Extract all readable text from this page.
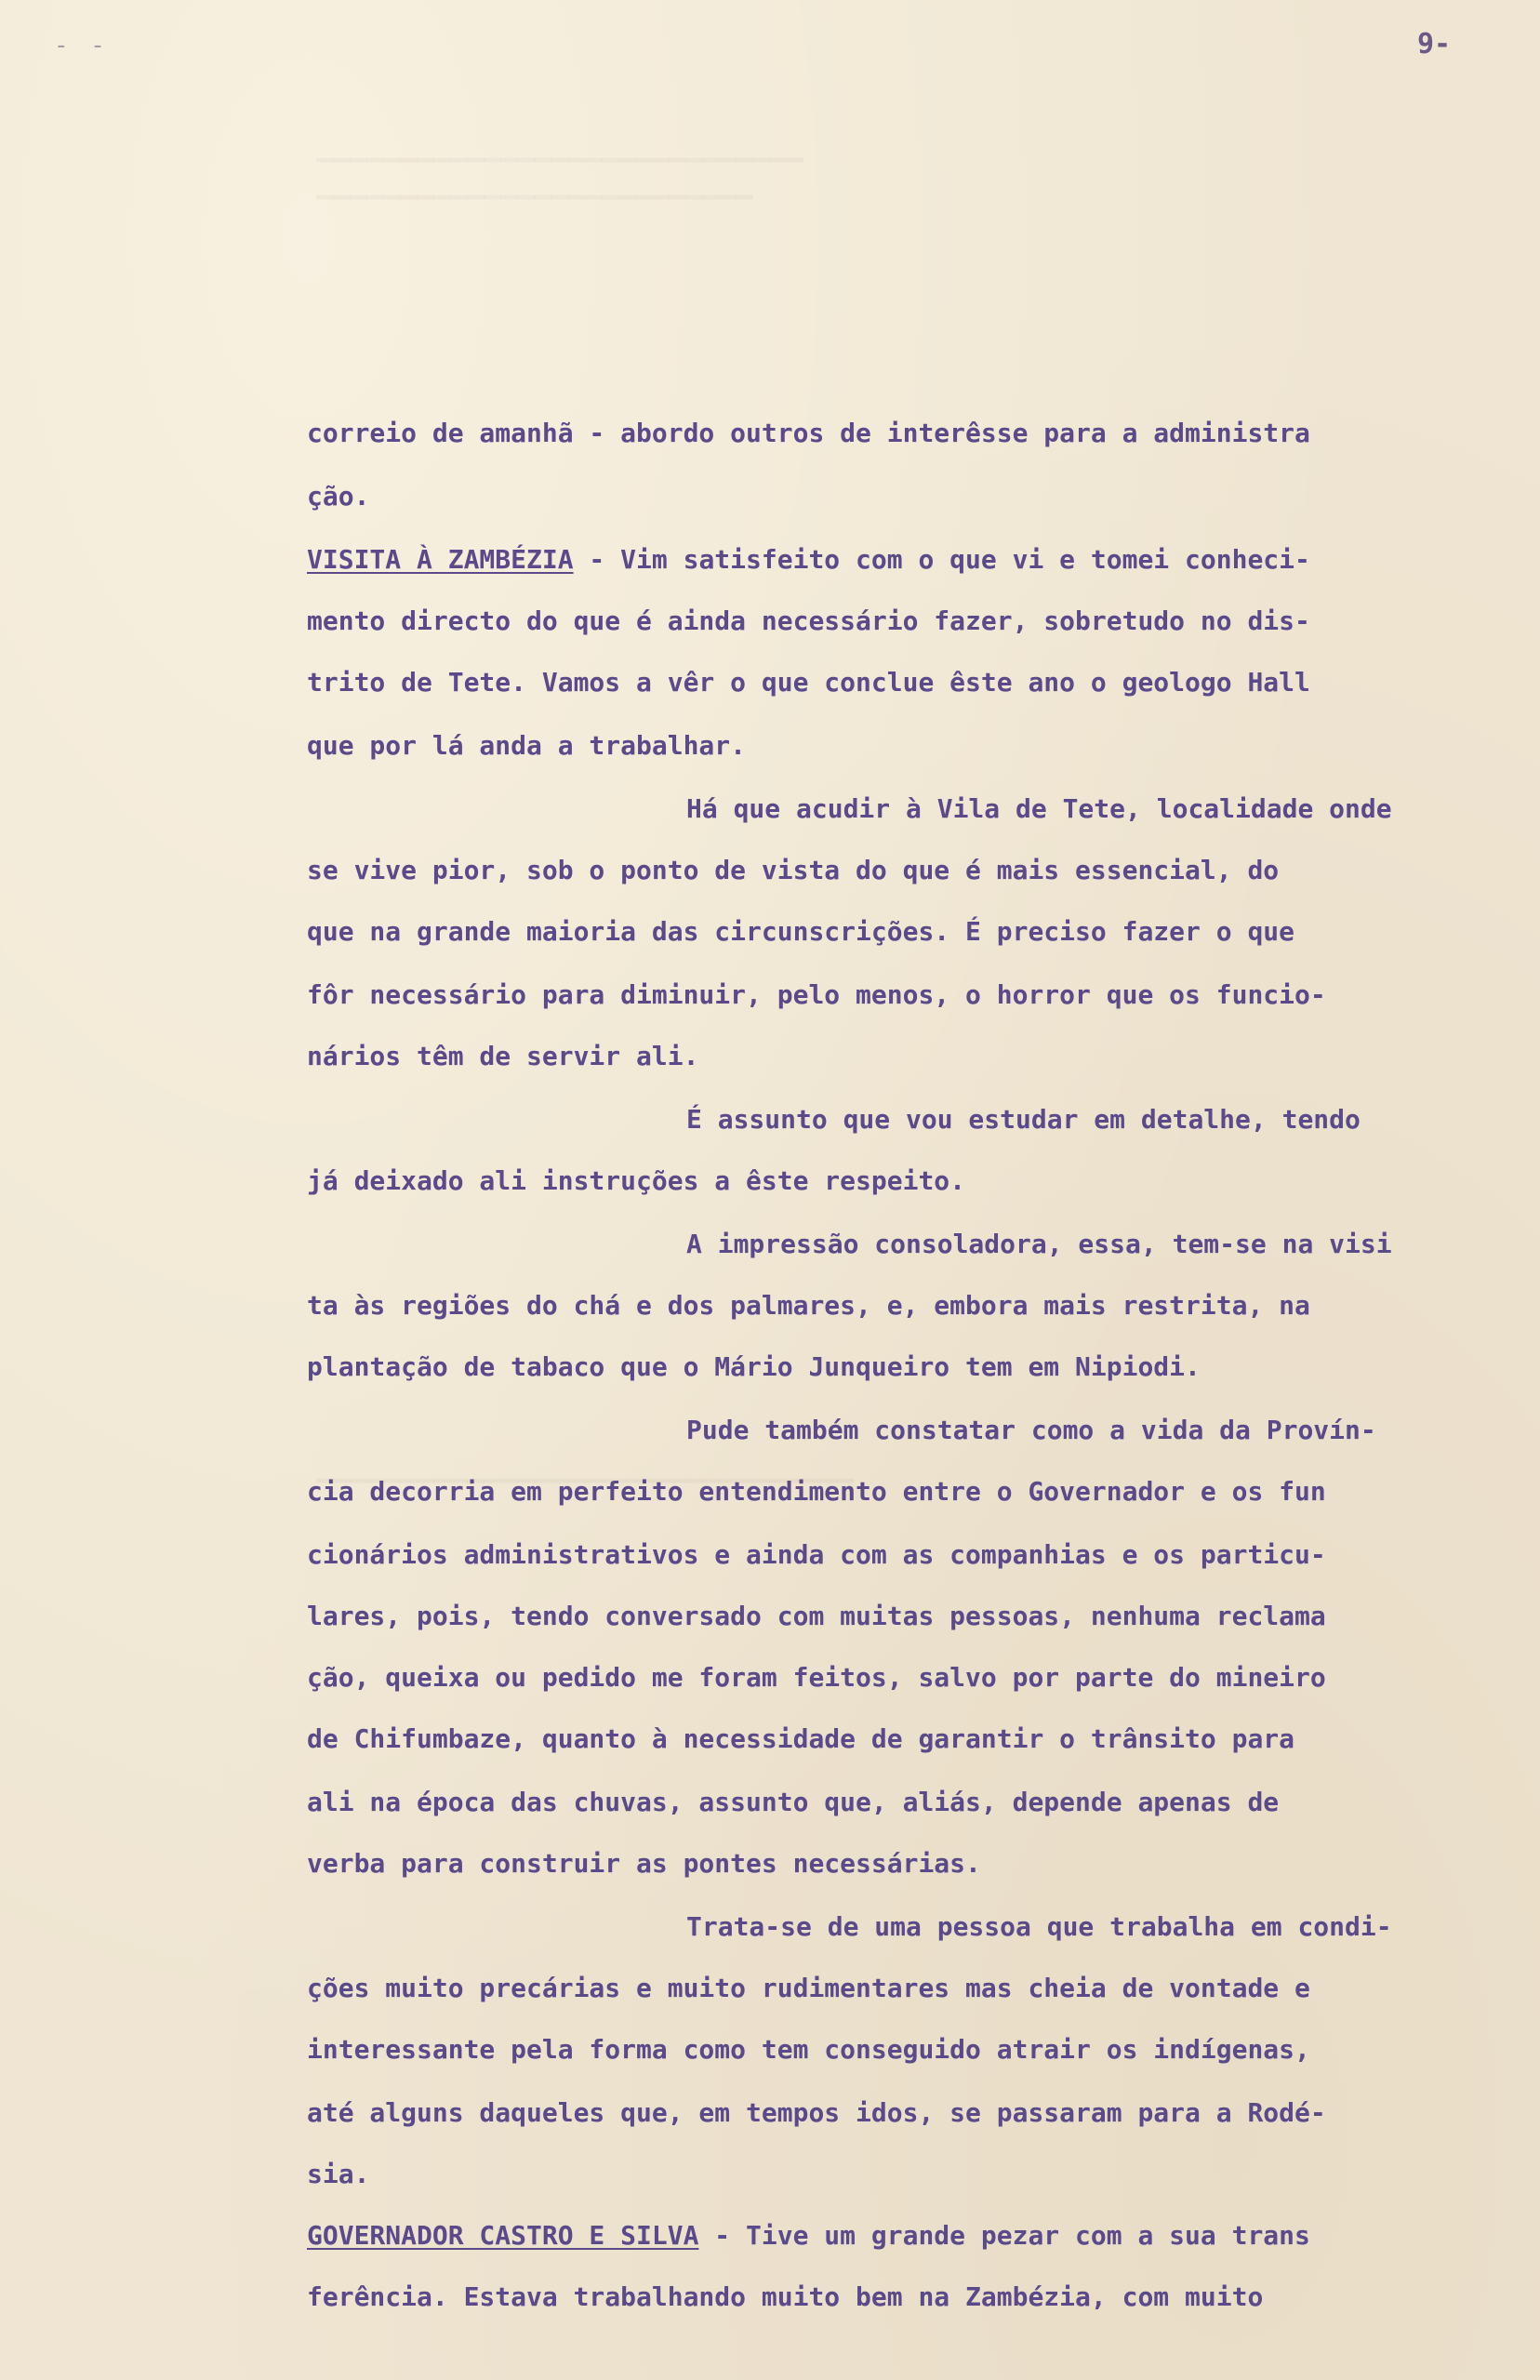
▁▁▁▁▁▁▁▁▁▁▁▁▁▁▁▁▁▁▁▁▁▁▁▁▁▁▁▁▁
▁▁▁▁▁▁▁▁▁▁▁▁▁▁▁▁▁▁▁▁▁▁▁▁▁▁
▁▁▁▁▁▁▁▁▁▁▁▁▁▁▁▁▁▁▁▁▁▁▁▁▁▁▁▁▁▁▁▁
- -	9-
correio de amanhã - abordo outros de interêsse para a administra
ção.
VISITA À ZAMBÉZIA - Vim satisfeito com o que vi e tomei conheci-
mento directo do que é ainda necessário fazer, sobretudo no dis-
trito de Tete. Vamos a vêr o que conclue êste ano o geologo Hall
que por lá anda a trabalhar.
Há que acudir à Vila de Tete, localidade onde
se vive pior, sob o ponto de vista do que é mais essencial, do
que na grande maioria das circunscrições. É preciso fazer o que
fôr necessário para diminuir, pelo menos, o horror que os funcio-
nários têm de servir ali.
É assunto que vou estudar em detalhe, tendo
já deixado ali instruções a êste respeito.
A impressão consoladora, essa, tem-se na visi
ta às regiões do chá e dos palmares, e, embora mais restrita, na
plantação de tabaco que o Mário Junqueiro tem em Nipiodi.
Pude também constatar como a vida da Provín-
cia decorria em perfeito entendimento entre o Governador e os fun
cionários administrativos e ainda com as companhias e os particu-
lares, pois, tendo conversado com muitas pessoas, nenhuma reclama
ção, queixa ou pedido me foram feitos, salvo por parte do mineiro
de Chifumbaze, quanto à necessidade de garantir o trânsito para
ali na época das chuvas, assunto que, aliás, depende apenas de
verba para construir as pontes necessárias.
Trata-se de uma pessoa que trabalha em condi-
ções muito precárias e muito rudimentares mas cheia de vontade e
interessante pela forma como tem conseguido atrair os indígenas,
até alguns daqueles que, em tempos idos, se passaram para a Rodé-
sia.
GOVERNADOR CASTRO E SILVA - Tive um grande pezar com a sua trans
ferência. Estava trabalhando muito bem na Zambézia, com muito
